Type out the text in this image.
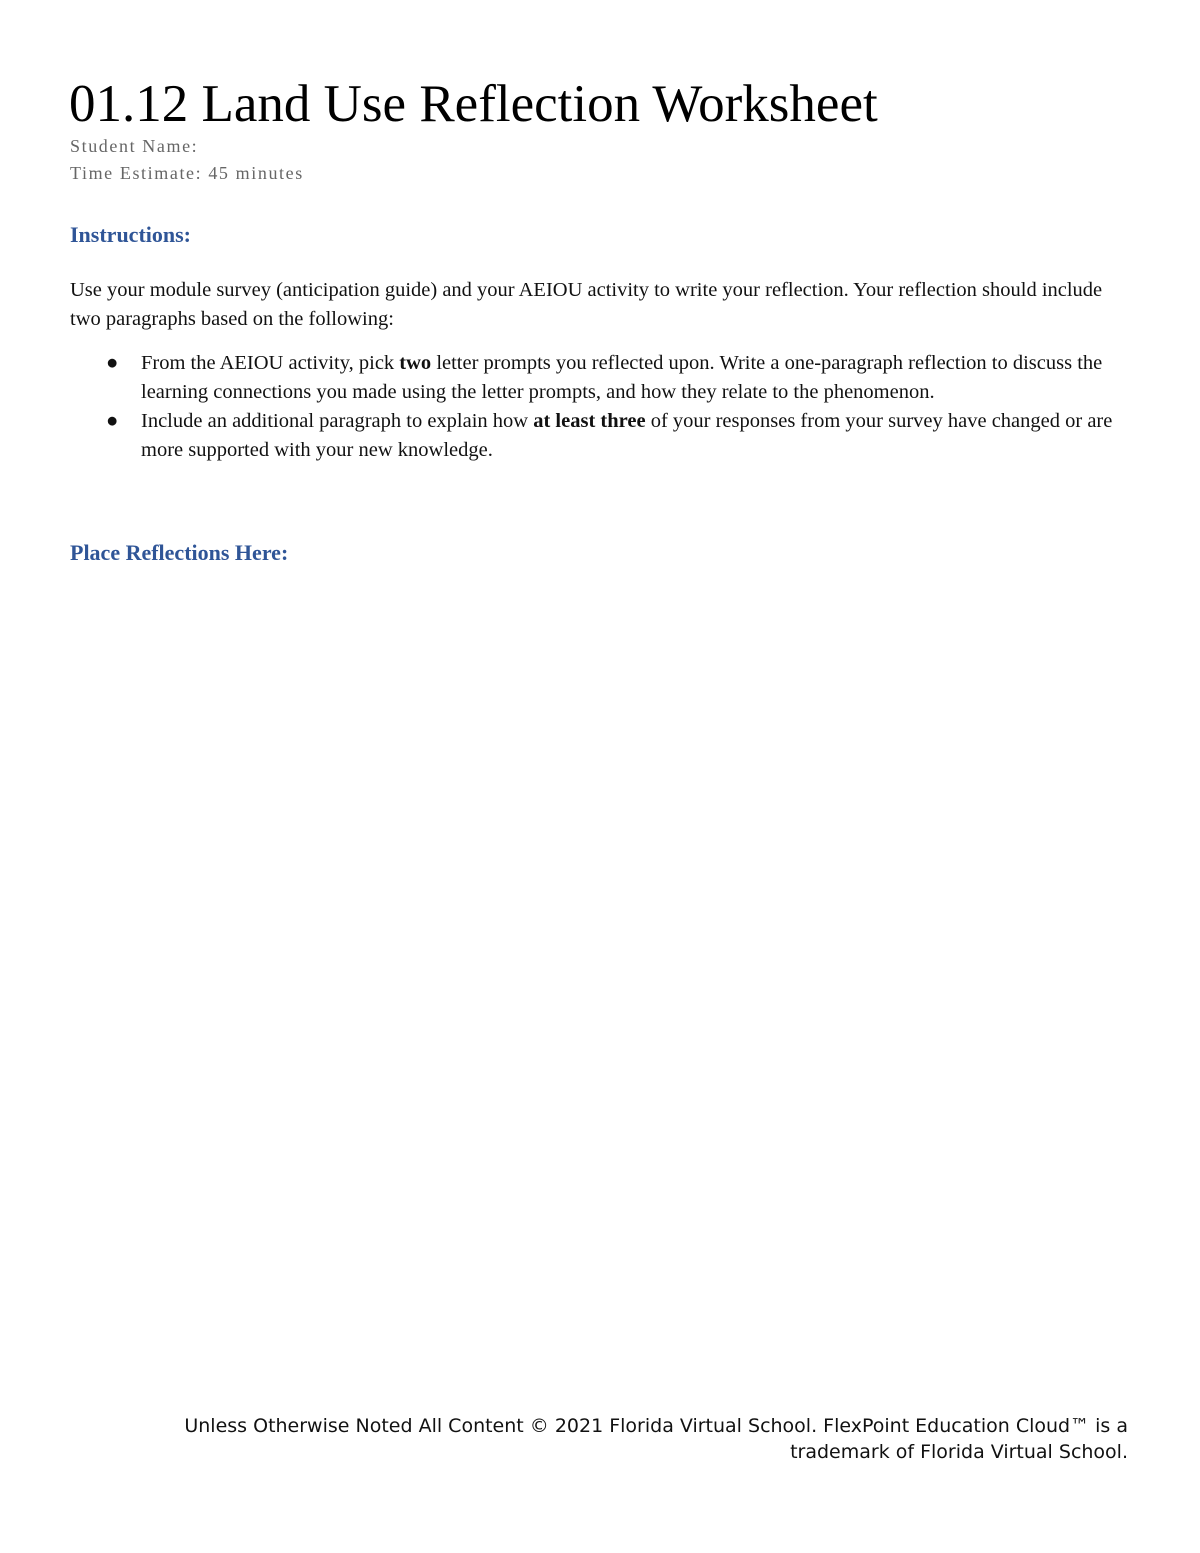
01.12 Land Use Reflection Worksheet
Student Name:
Time Estimate: 45 minutes
Instructions:

Use your module survey (anticipation guide) and your AEIOU activity to write your reflection. Your reflection should include two paragraphs based on the following:

● From the AEIOU activity, pick two letter prompts you reflected upon. Write a one-paragraph reflection to discuss the learning connections you made using the letter prompts, and how they relate to the phenomenon.
● Include an additional paragraph to explain how at least three of your responses from your survey have changed or are more supported with your new knowledge.
Place Reflections Here:
Unless Otherwise Noted All Content © 2021 Florida Virtual School. FlexPoint Education Cloud™ is a
trademark of Florida Virtual School.
